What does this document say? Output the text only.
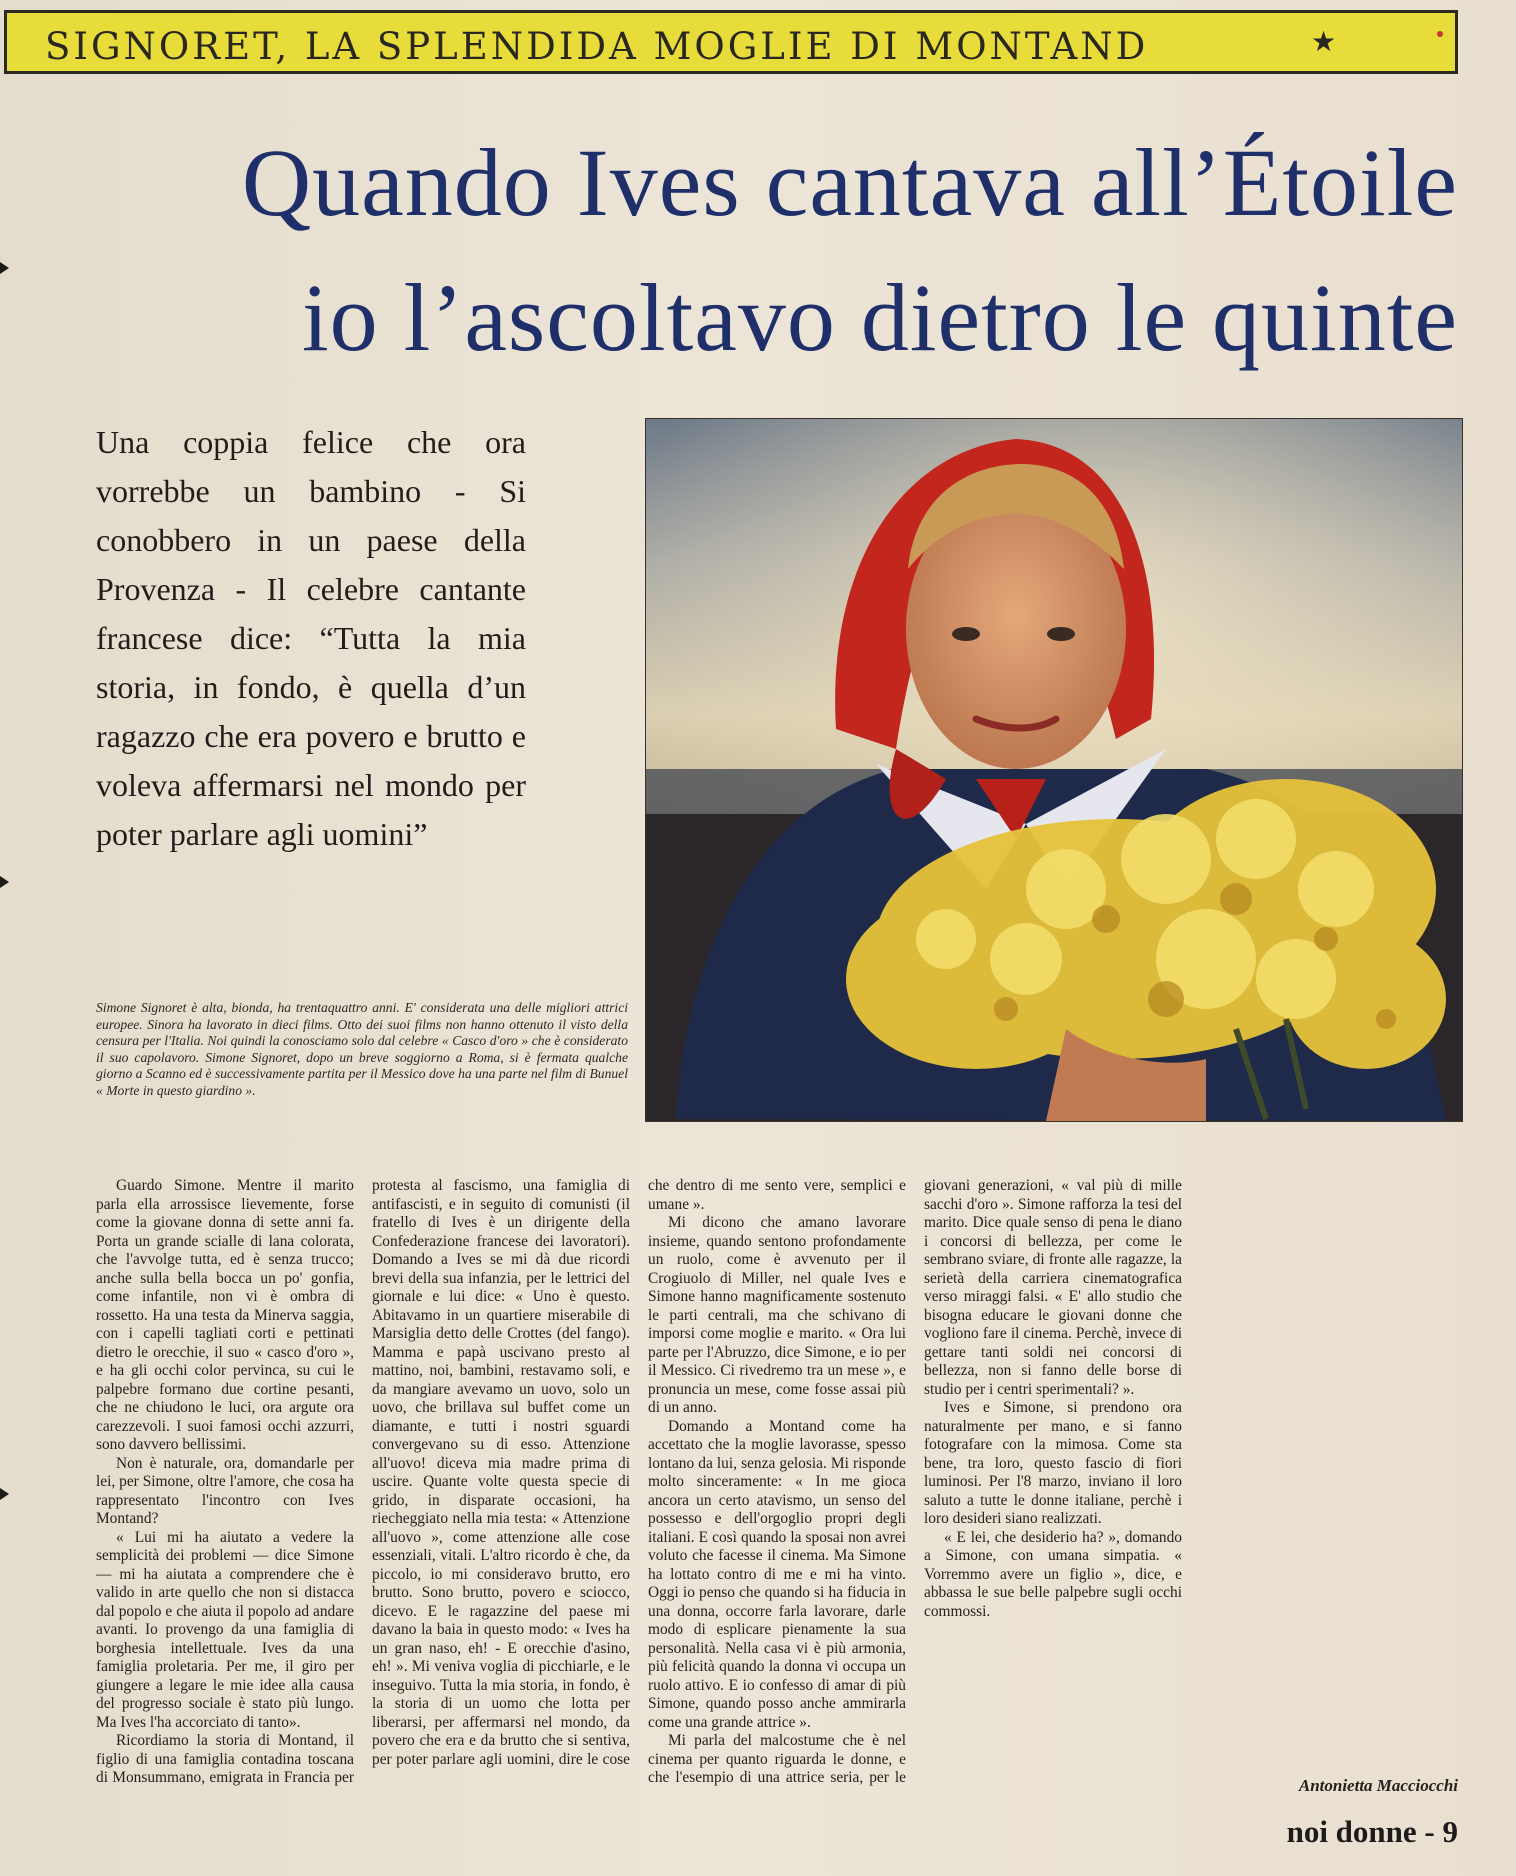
SIGNORET, LA SPLENDIDA MOGLIE DI MONTAND	★
Quando Ives cantava all’Étoile
io l’ascoltavo dietro le quinte

Una coppia felice che ora vorrebbe un bambino - Si conobbero in un paese della Provenza - Il celebre cantante francese dice: “Tutta la mia storia, in fondo, è quella d’un ragazzo che era povero e brutto e voleva affermarsi nel mondo per poter parlare agli uomini”

Simone Signoret è alta, bionda, ha trentaquattro anni. E' considerata una delle migliori attrici europee. Sinora ha lavorato in dieci films. Otto dei suoi films non hanno ottenuto il visto della censura per l'Italia. Noi quindi la conosciamo solo dal celebre « Casco d'oro » che è considerato il suo capolavoro. Simone Signoret, dopo un breve soggiorno a Roma, si è fermata qualche giorno a Scanno ed è successivamente partita per il Messico dove ha una parte nel film di Bunuel « Morte in questo giardino ».

Guardo Simone. Mentre il marito parla ella arrossisce lievemente, forse come la giovane donna di sette anni fa. Porta un grande scialle di lana colorata, che l'avvolge tutta, ed è senza trucco; anche sulla bella bocca un po' gonfia, come infantile, non vi è ombra di rossetto. Ha una testa da Minerva saggia, con i capelli tagliati corti e pettinati dietro le orecchie, il suo « casco d'oro », e ha gli occhi color pervinca, su cui le palpebre formano due cortine pesanti, che ne chiudono le luci, ora argute ora carezzevoli. I suoi famosi occhi azzurri, sono davvero bellissimi.

Non è naturale, ora, domandarle per lei, per Simone, oltre l'amore, che cosa ha rappresentato l'incontro con Ives Montand?

« Lui mi ha aiutato a vedere la semplicità dei problemi — dice Simone — mi ha aiutata a comprendere che è valido in arte quello che non si distacca dal popolo e che aiuta il popolo ad andare avanti. Io provengo da una famiglia di borghesia intellettuale. Ives da una famiglia proletaria. Per me, il giro per giungere a legare le mie idee alla causa del progresso sociale è stato più lungo. Ma Ives l'ha accorciato di tanto».

Ricordiamo la storia di Montand, il figlio di una famiglia contadina toscana di Monsummano, emigrata in Francia per protesta al fascismo, una famiglia di antifascisti, e in seguito di comunisti (il fratello di Ives è un dirigente della Confederazione francese dei lavoratori). Domando a Ives se mi dà due ricordi brevi della sua infanzia, per le lettrici del giornale e lui dice: « Uno è questo. Abitavamo in un quartiere miserabile di Marsiglia detto delle Crottes (del fango). Mamma e papà uscivano presto al mattino, noi, bambini, restavamo soli, e da mangiare avevamo un uovo, solo un uovo, che brillava sul buffet come un diamante, e tutti i nostri sguardi convergevano su di esso. Attenzione all'uovo! diceva mia madre prima di uscire. Quante volte questa specie di grido, in disparate occasioni, ha riecheggiato nella mia testa: « Attenzione all'uovo », come attenzione alle cose essenziali, vitali. L'altro ricordo è che, da piccolo, io mi consideravo brutto, ero brutto. Sono brutto, povero e sciocco, dicevo. E le ragazzine del paese mi davano la baia in questo modo: « Ives ha un gran naso, eh! - E orecchie d'asino, eh! ». Mi veniva voglia di picchiarle, e le inseguivo. Tutta la mia storia, in fondo, è la storia di un uomo che lotta per liberarsi, per affermarsi nel mondo, da povero che era e da brutto che si sentiva, per poter parlare agli uomini, dire le cose che dentro di me sento vere, semplici e umane ».

Mi dicono che amano lavorare insieme, quando sentono profondamente un ruolo, come è avvenuto per il Crogiuolo di Miller, nel quale Ives e Simone hanno magnificamente sostenuto le parti centrali, ma che schivano di imporsi come moglie e marito. « Ora lui parte per l'Abruzzo, dice Simone, e io per il Messico. Ci rivedremo tra un mese », e pronuncia un mese, come fosse assai più di un anno.

Domando a Montand come ha accettato che la moglie lavorasse, spesso lontano da lui, senza gelosia. Mi risponde molto sinceramente: « In me gioca ancora un certo atavismo, un senso del possesso e dell'orgoglio propri degli italiani. E così quando la sposai non avrei voluto che facesse il cinema. Ma Simone ha lottato contro di me e mi ha vinto. Oggi io penso che quando si ha fiducia in una donna, occorre farla lavorare, darle modo di esplicare pienamente la sua personalità. Nella casa vi è più armonia, più felicità quando la donna vi occupa un ruolo attivo. E io confesso di amar di più Simone, quando posso anche ammirarla come una grande attrice ».

Mi parla del malcostume che è nel cinema per quanto riguarda le donne, e che l'esempio di una attrice seria, per le giovani generazioni, « val più di mille sacchi d'oro ». Simone rafforza la tesi del marito. Dice quale senso di pena le diano i concorsi di bellezza, per come le sembrano sviare, di fronte alle ragazze, la serietà della carriera cinematografica verso miraggi falsi. « E' allo studio che bisogna educare le giovani donne che vogliono fare il cinema. Perchè, invece di gettare tanti soldi nei concorsi di bellezza, non si fanno delle borse di studio per i centri sperimentali? ».

Ives e Simone, si prendono ora naturalmente per mano, e si fanno fotografare con la mimosa. Come sta bene, tra loro, questo fascio di fiori luminosi. Per l'8 marzo, inviano il loro saluto a tutte le donne italiane, perchè i loro desideri siano realizzati.

« E lei, che desiderio ha? », domando a Simone, con umana simpatia. « Vorremmo avere un figlio », dice, e abbassa le sue belle palpebre sugli occhi commossi.

Antonietta Macciocchi
noi donne - 9
